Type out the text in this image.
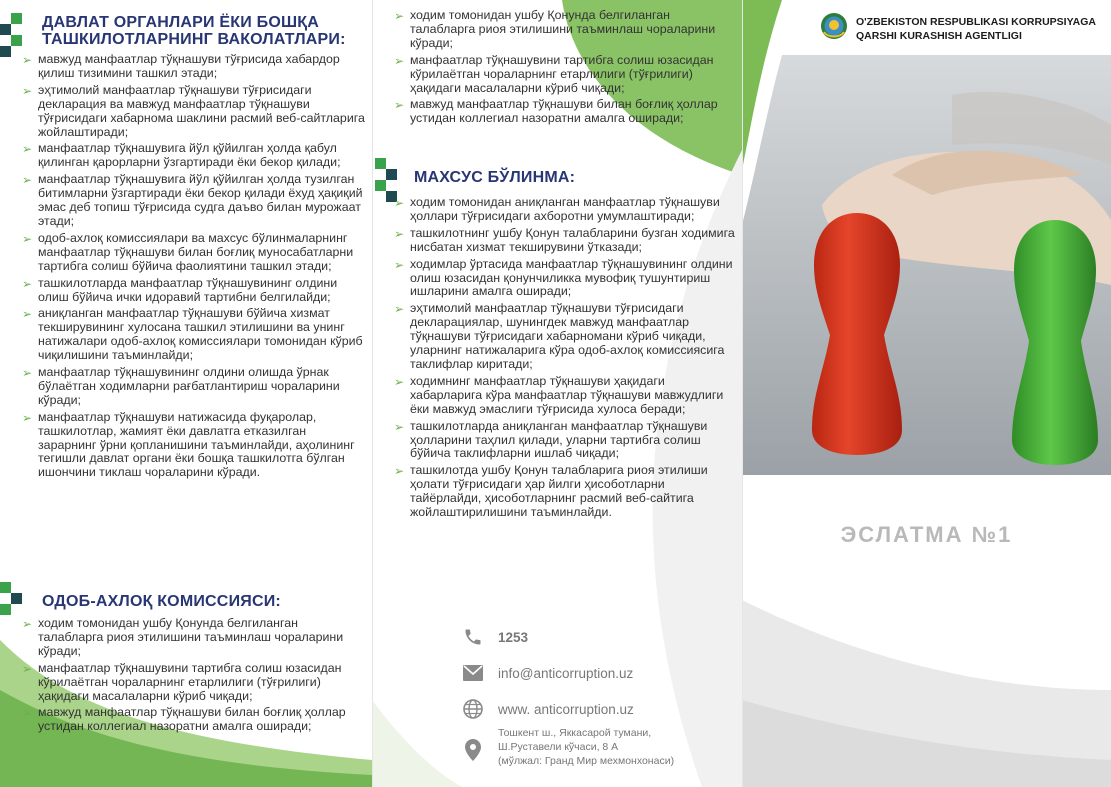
ДАВЛАТ ОРГАНЛАРИ ЁКИ БОШҚА ТАШКИЛОТЛАРНИНГ ВАКОЛАТЛАРИ:
➢ мавжуд манфаатлар тўқнашуви тўғрисида хабардор қилиш тизимини ташкил этади;
➢ эҳтимолий манфаатлар тўқнашуви тўғрисидаги декларация ва мавжуд манфаатлар тўқнашуви тўғрисидаги хабарнома шаклини расмий веб-сайтларига жойлаштиради;
➢ манфаатлар тўқнашувига йўл қўйилган ҳолда қабул қилинган қарорларни ўзгартиради ёки бекор қилади;
➢ манфаатлар тўқнашувига йўл қўйилган ҳолда тузилган битимларни ўзгартиради ёки бекор қилади ёхуд ҳақиқий эмас деб топиш тўғрисида судга даъво билан мурожаат этади;
➢ одоб-ахлоқ комиссиялари ва махсус бўлинмаларнинг манфаатлар тўқнашуви билан боғлиқ муносабатларни тартибга солиш бўйича фаолиятини ташкил этади;
➢ ташкилотларда манфаатлар тўқнашувининг олдини олиш бўйича ички идоравий тартибни белгилайди;
➢ аниқланган манфаатлар тўқнашуви бўйича хизмат текширувининг хулосана ташкил этилишини ва унинг натижалари одоб-ахлоқ комиссиялари томонидан кўриб чиқилишини таъминлайди;
➢ манфаатлар тўқнашувининг олдини олишда ўрнак бўлаётган ходимларни рағбатлантириш чораларини кўради;
➢ манфаатлар тўқнашуви натижасида фуқаролар, ташкилотлар, жамият ёки давлатга етказилган зарарнинг ўрни қопланишини таъминлайди, аҳолининг тегишли давлат органи ёки бошқа ташкилотга бўлган ишончини тиклаш чораларини кўради.
ОДОБ-АХЛОҚ КОМИССИЯСИ:
➢ ходим томонидан ушбу Қонунда белгиланган талабларга риоя этилишини таъминлаш чораларини кўради;
➢ манфаатлар тўқнашувини тартибга солиш юзасидан кўрилаётган чораларнинг етарлилиги (тўғрилиги) ҳақидаги масалаларни кўриб чиқади;
➢ мавжуд манфаатлар тўқнашуви билан боғлиқ ҳоллар устидан коллегиал назоратни амалга оширади;
➢ ходим томонидан ушбу Қонунда белгиланган талабларга риоя этилишини таъминлаш чораларини кўради;
➢ манфаатлар тўқнашувини тартибга солиш юзасидан кўрилаётган чораларнинг етарлилиги (тўғрилиги) ҳақидаги масалаларни кўриб чиқади;
➢ мавжуд манфаатлар тўқнашуви билан боғлиқ ҳоллар устидан коллегиал назоратни амалга оширади;
МАХСУС БЎЛИНМА:
➢ ходим томонидан аниқланган манфаатлар тўқнашуви ҳоллари тўғрисидаги ахборотни умумлаштиради;
➢ ташкилотнинг ушбу Қонун талабларини бузган ходимига нисбатан хизмат текширувини ўтказади;
➢ ходимлар ўртасида манфаатлар тўқнашувининг олдини олиш юзасидан қонунчиликка мувофиқ тушунтириш ишларини амалга оширади;
➢ эҳтимолий манфаатлар тўқнашуви тўғрисидаги декларациялар, шунингдек мавжуд манфаатлар тўқнашуви тўғрисидаги хабарномани кўриб чиқади, уларнинг натижаларига кўра одоб-ахлоқ комиссиясига таклифлар киритади;
➢ ходимнинг манфаатлар тўқнашуви ҳақидаги хабарларига кўра манфаатлар тўқнашуви мавжудлиги ёки мавжуд эмаслиги тўғрисида хулоса беради;
➢ ташкилотларда аниқланган манфаатлар тўқнашуви ҳолларини таҳлил қилади, уларни тартибга солиш бўйича таклифларни ишлаб чиқади;
➢ ташкилотда ушбу Қонун талабларига риоя этилиши ҳолати тўғрисидаги ҳар йилги ҳисоботларни тайёрлайди, ҳисоботларнинг расмий веб-сайтига жойлаштирилишини таъминлайди.
1253
info@anticorruption.uz
www. anticorruption.uz
Тошкент ш., Яккасарой тумани,
Ш.Руставели кўчаси, 8 А
(мўлжал: Гранд Мир мехмонхонаси)
O'ZBEKISTON RESPUBLIKASI KORRUPSIYAGA
QARSHI KURASHISH AGENTLIGI
ЭСЛАТМА №1
